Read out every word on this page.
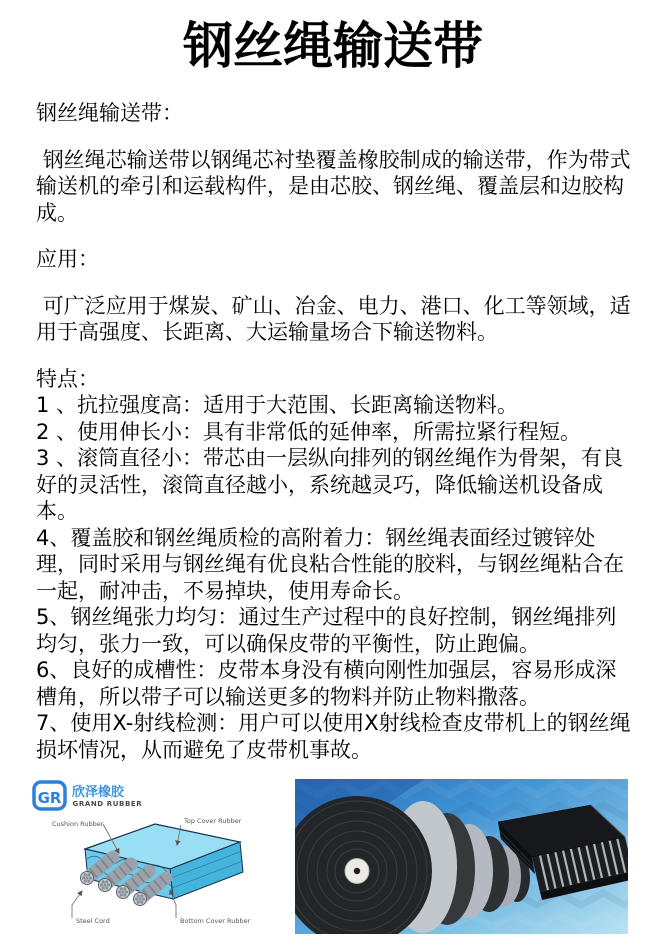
钢丝绳输送带
钢丝绳输送带：
钢丝绳芯输送带以钢绳芯衬垫覆盖橡胶制成的输送带，作为带式输送机的牵引和运载构件，是由芯胶、钢丝绳、覆盖层和边胶构成。
应用：
可广泛应用于煤炭、矿山、冶金、电力、港口、化工等领域，适用于高强度、长距离、大运输量场合下输送物料。
特点：
1 、抗拉强度高：适用于大范围、长距离输送物料。
2 、使用伸长小：具有非常低的延伸率，所需拉紧行程短。
3 、滚筒直径小：带芯由一层纵向排列的钢丝绳作为骨架，有良好的灵活性，滚筒直径越小，系统越灵巧，降低输送机设备成本。
4、覆盖胶和钢丝绳质检的高附着力：钢丝绳表面经过镀锌处理，同时采用与钢丝绳有优良粘合性能的胶料，与钢丝绳粘合在一起，耐冲击，不易掉块，使用寿命长。
5、钢丝绳张力均匀：通过生产过程中的良好控制，钢丝绳排列均匀，张力一致，可以确保皮带的平衡性，防止跑偏。
6、良好的成槽性：皮带本身没有横向刚性加强层，容易形成深槽角，所以带子可以输送更多的物料并防止物料撒落。
7、使用X-射线检测：用户可以使用X射线检查皮带机上的钢丝绳损坏情况，从而避免了皮带机事故。
GR 欣泽橡胶
GRAND RUBBER
Cushion Rubber	Top Cover Rubber
Steel Cord	Bottom Cover Rubber
